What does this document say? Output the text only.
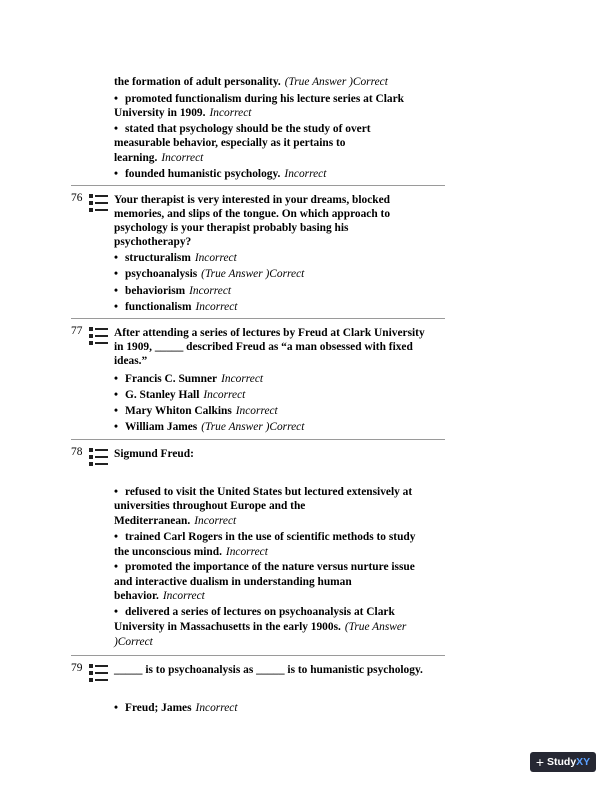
the formation of adult personality. (True Answer )Correct
• promoted functionalism during his lecture series at Clark
University in 1909. Incorrect
• stated that psychology should be the study of overt
measurable behavior, especially as it pertains to
learning. Incorrect
• founded humanistic psychology. Incorrect
76	Your therapist is very interested in your dreams, blocked
memories, and slips of the tongue. On which approach to
psychology is your therapist probably basing his
psychotherapy?
• structuralism Incorrect
• psychoanalysis (True Answer )Correct
• behaviorism Incorrect
• functionalism Incorrect
77	After attending a series of lectures by Freud at Clark University
in 1909, _____ described Freud as “a man obsessed with fixed
ideas.”
• Francis C. Sumner Incorrect
• G. Stanley Hall Incorrect
• Mary Whiton Calkins Incorrect
• William James (True Answer )Correct
78	Sigmund Freud:
• refused to visit the United States but lectured extensively at
universities throughout Europe and the
Mediterranean. Incorrect
• trained Carl Rogers in the use of scientific methods to study
the unconscious mind. Incorrect
• promoted the importance of the nature versus nurture issue
and interactive dualism in understanding human
behavior. Incorrect
• delivered a series of lectures on psychoanalysis at Clark
University in Massachusetts in the early 1900s. (True Answer
)Correct
79	_____ is to psychoanalysis as _____ is to humanistic psychology.
• Freud; James Incorrect
+ Study XY
